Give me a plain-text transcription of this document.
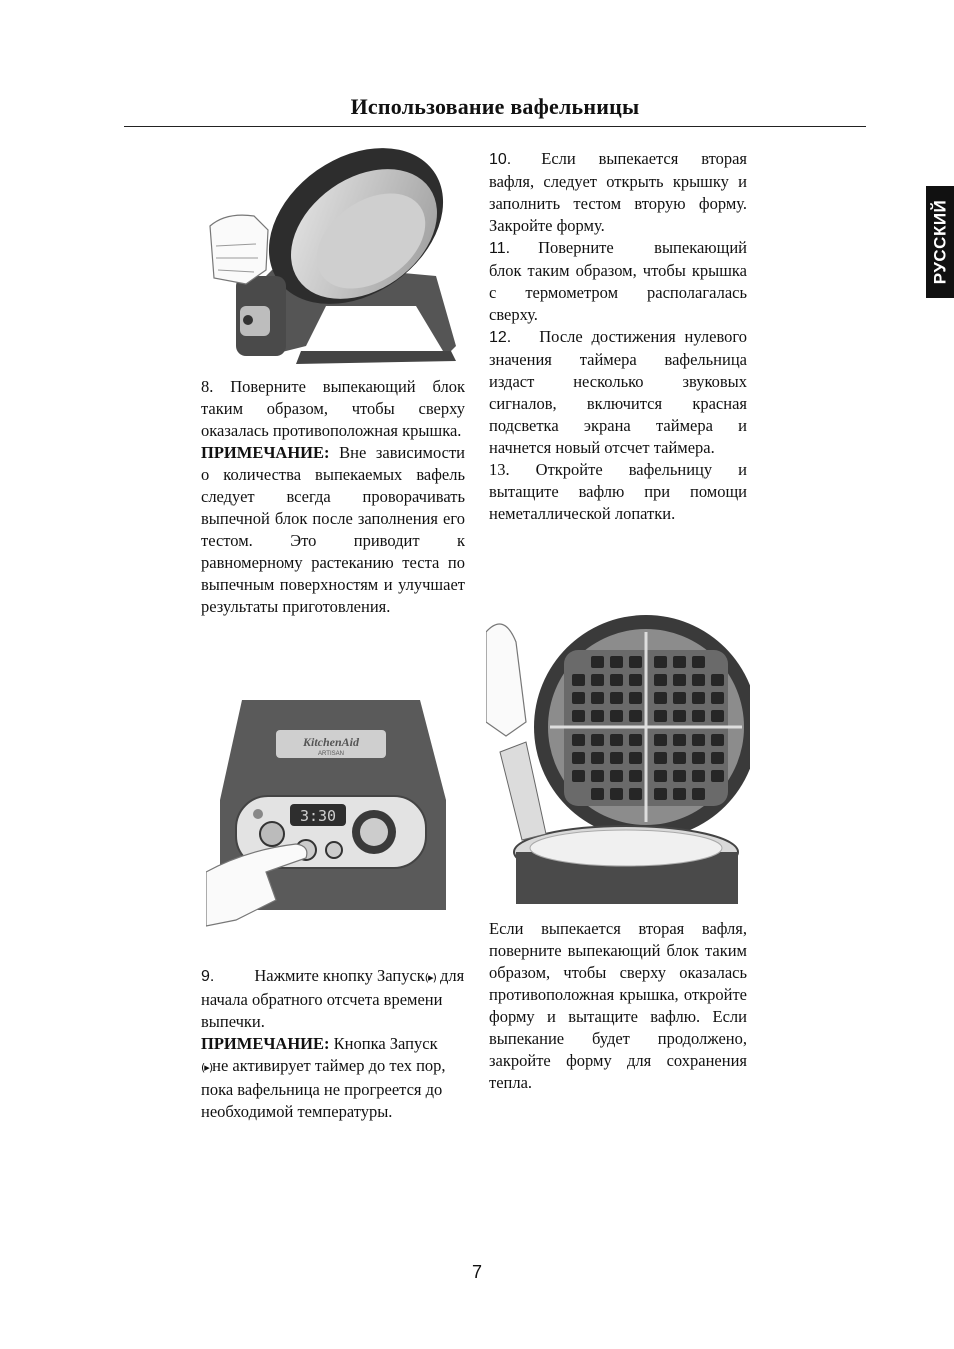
Использование вафельницы
РУССКИЙ

8. Поверните выпекающий блок таким образом, чтобы сверху оказалась противоположная крышка.

ПРИМЕЧАНИЕ: Вне зависимости о количества выпекаемых вафель следует всегда проворачивать выпечной блок после заполнения его тестом. Это приводит к равномерному растеканию теста по выпечным поверхностям и улучшает результаты приготовления.

KitchenAid
ARTISAN
3:30

9. Нажмите кнопку Запуск(▸) для начала обратного отсчета времени выпечки.

ПРИМЕЧАНИЕ: Кнопка Запуск (▸)не активирует таймер до тех пор, пока вафельница не прогреется до необходимой температуры.

10. Если выпекается вторая вафля, следует открыть крышку и заполнить тестом вторую форму. Закройте форму.

11. Поверните выпекающий блок таким образом, чтобы крышка с термометром располагалась сверху.

12. После достижения нулевого значения таймера вафельница издаст несколько звуковых сигналов, включится красная подсветка экрана таймера и начнется новый отсчет таймера.

13. Откройте вафельницу и вытащите вафлю при помощи неметаллической лопатки.

Если выпекается вторая вафля, поверните выпекающий блок таким образом, чтобы сверху оказалась противоположная крышка, откройте форму и вытащите вафлю. Если выпекание будет продолжено, закройте форму для сохранения тепла.

7
